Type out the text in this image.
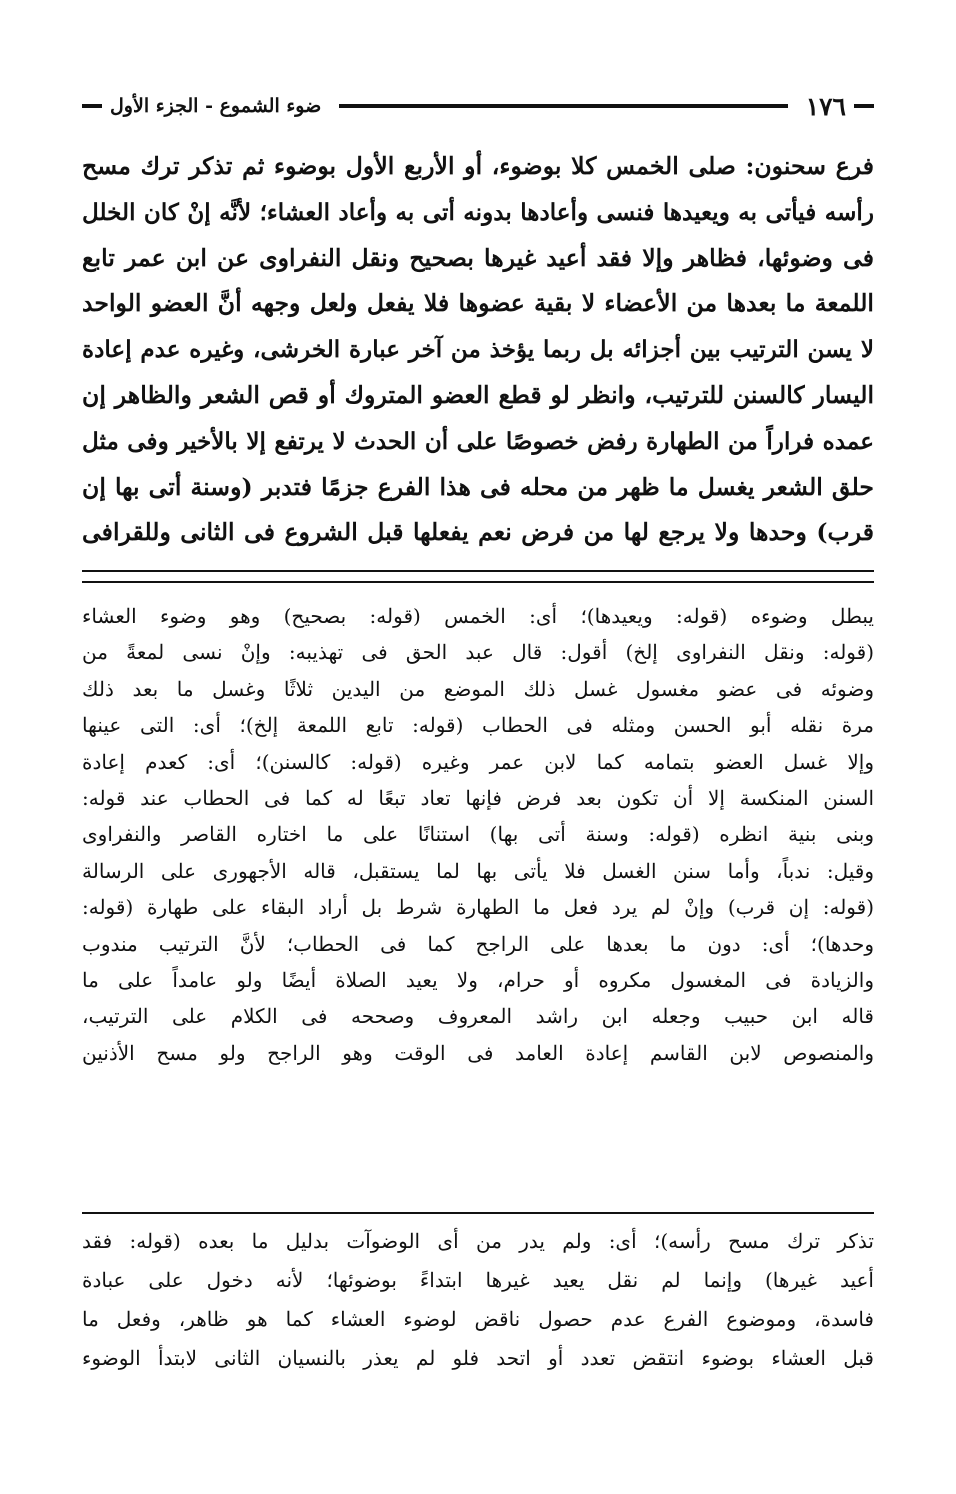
١٧٦
ضوء الشموع - الجزء الأول
فرع سحنون: صلى الخمس كلا بوضوء، أو الأربع الأول بوضوء ثم تذكر ترك مسح
رأسه فيأتى به ويعيدها فنسى وأعادها بدونه أتى به وأعاد العشاء؛ لأنَّه إنْ كان الخلل
فى وضوئها، فظاهر وإلا فقد أعيد غيرها بصحيح ونقل النفراوى عن ابن عمر تابع
اللمعة ما بعدها من الأعضاء لا بقية عضوها فلا يفعل ولعل وجهه أنَّ العضو الواحد
لا يسن الترتيب بين أجزائه بل ربما يؤخذ من آخر عبارة الخرشى، وغيره عدم إعادة
اليسار كالسنن للترتيب، وانظر لو قطع العضو المتروك أو قص الشعر والظاهر إن
عمده فراراً من الطهارة رفض خصوصًا على أن الحدث لا يرتفع إلا بالأخير وفى مثل
حلق الشعر يغسل ما ظهر من محله فى هذا الفرع جزمًا فتدبر (وسنة أتى بها إن
قرب) وحدها ولا يرجع لها من فرض نعم يفعلها قبل الشروع فى الثانى وللقرافى
يبطل وضوءه (قوله: ويعيدها)؛ أى: الخمس (قوله: بصحيح) وهو وضوء العشاء
(قوله: ونقل النفراوى إلخ) أقول: قال عبد الحق فى تهذيبه: وإنْ نسى لمعةً من
وضوئه فى عضو مغسول غسل ذلك الموضع من اليدين ثلاثًا وغسل ما بعد ذلك
مرة نقله أبو الحسن ومثله فى الحطاب (قوله: تابع اللمعة إلخ)؛ أى: التى عينها
وإلا غسل العضو بتمامه كما لابن عمر وغيره (قوله: كالسنن)؛ أى: كعدم إعادة
السنن المنكسة إلا أن تكون بعد فرض فإنها تعاد تبعًا له كما فى الحطاب عند قوله:
وبنى بنية انظره (قوله: وسنة أتى بها) استنانًا على ما اختاره القاصر والنفراوى
وقيل: ندباً، وأما سنن الغسل فلا يأتى بها لما يستقبل، قاله الأجهورى على الرسالة
(قوله: إن قرب) وإنْ لم يرد فعل ما الطهارة شرط بل أراد البقاء على طهارة (قوله:
وحدها)؛ أى: دون ما بعدها على الراجح كما فى الحطاب؛ لأنَّ الترتيب مندوب
والزيادة فى المغسول مكروه أو حرام، ولا يعيد الصلاة أيضًا ولو عامداً على ما
قاله ابن حبيب وجعله ابن راشد المعروف وصححه فى الكلام على الترتيب،
والمنصوص لابن القاسم إعادة العامد فى الوقت وهو الراجح ولو مسح الأذنين
تذكر ترك مسح رأسه)؛ أى: ولم يدر من أى الوضوآت بدليل ما بعده (قوله: فقد
أعيد غيرها) وإنما لم نقل يعيد غيرها ابتداءً بوضوئها؛ لأنه دخول على عبادة
فاسدة، وموضوع الفرع عدم حصول ناقض لوضوء العشاء كما هو ظاهر، وفعل ما
قبل العشاء بوضوء انتقض تعدد أو اتحد فلو لم يعذر بالنسيان الثانى لابتدأ الوضوء
